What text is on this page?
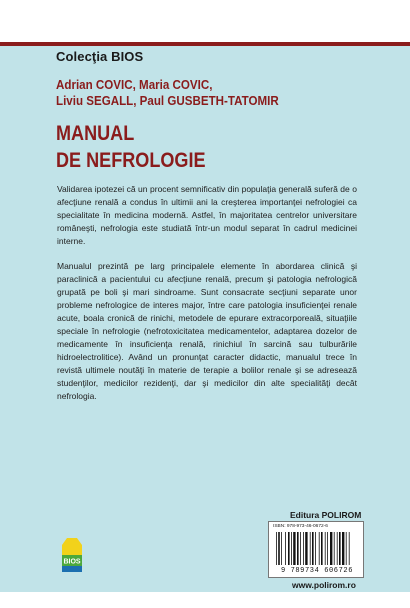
Colecţia BIOS
Adrian COVIC, Maria COVIC,
Liviu SEGALL, Paul GUSBETH-TATOMIR
MANUAL
DE NEFROLOGIE

Validarea ipotezei că un procent semnificativ din populaţia generală suferă de o afecţiune renală a condus în ultimii ani la creşterea importanţei nefrologiei ca specialitate în medicina modernă. Astfel, în majoritatea centrelor universitare româneşti, nefrologia este studiată într-un modul separat în cadrul medicinei interne.

Manualul prezintă pe larg principalele elemente în abordarea clinică şi paraclinică a pacientului cu afecţiune renală, precum şi patologia nefrologică grupată pe boli şi mari sindroame. Sunt consacrate secţiuni separate unor probleme nefrologice de interes major, între care patologia insuficienţei renale acute, boala cronică de rinichi, metodele de epurare extracorporeală, situaţiile speciale în nefrologie (nefrotoxicitatea medicamentelor, adaptarea dozelor de medicamente în insuficienţa renală, rinichiul în sarcină sau tulburările hidroelectrolitice). Având un pronunţat caracter didactic, manualul trece în revistă ultimele noutăţi în materie de terapie a bolilor renale şi se adresează studenţilor, medicilor rezidenţi, dar şi medicilor din alte specialităţi decât nefrologia.

Editura POLIROM
ISBN: 978-973-46-0672-6
9 789734 606726
www.polirom.ro
BIOS
